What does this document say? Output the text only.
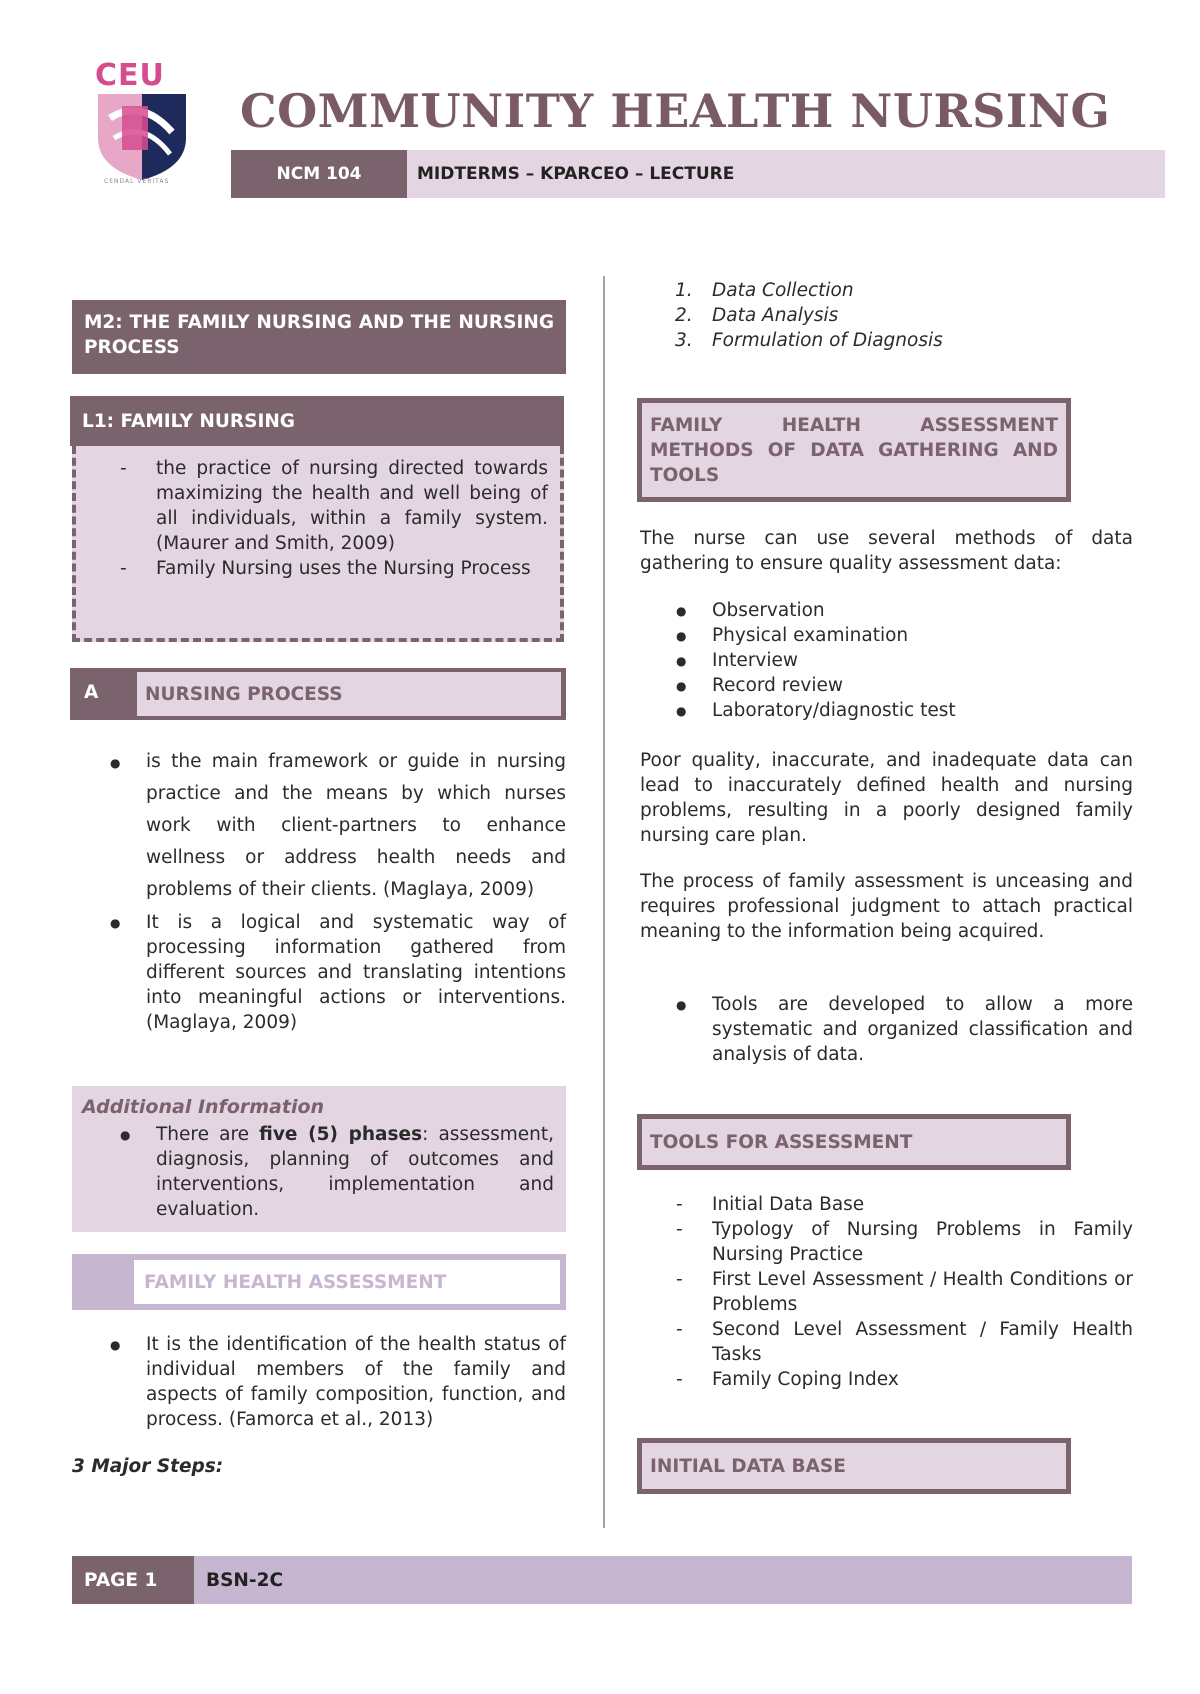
CEU
1907
CENDAL VERITAS
COMMUNITY HEALTH NURSING
NCM 104	MIDTERMS – KPARCEO – LECTURE
M2: THE FAMILY NURSING AND THE NURSING PROCESS
L1: FAMILY NURSING
- the practice of nursing directed towards maximizing the health and well being of all individuals, within a family system. (Maurer and Smith, 2009)
- Family Nursing uses the Nursing Process
A	NURSING PROCESS
● is the main framework or guide in nursing practice and the means by which nurses work with client-partners to enhance wellness or address health needs and problems of their clients. (Maglaya, 2009)
● It is a logical and systematic way of processing information gathered from different sources and translating intentions into meaningful actions or interventions. (Maglaya, 2009)
Additional Information
● There are five (5) phases: assessment, diagnosis, planning of outcomes and interventions, implementation and evaluation.
FAMILY HEALTH ASSESSMENT
● It is the identification of the health status of individual members of the family and aspects of family composition, function, and process. (Famorca et al., 2013)
3 Major Steps:
1. Data Collection
2. Data Analysis
3. Formulation of Diagnosis
FAMILY HEALTH ASSESSMENT METHODS OF DATA GATHERING AND TOOLS
The nurse can use several methods of data gathering to ensure quality assessment data:
● Observation
● Physical examination
● Interview
● Record review
● Laboratory/diagnostic test
Poor quality, inaccurate, and inadequate data can lead to inaccurately defined health and nursing problems, resulting in a poorly designed family nursing care plan.
The process of family assessment is unceasing and requires professional judgment to attach practical meaning to the information being acquired.
● Tools are developed to allow a more systematic and organized classification and analysis of data.
TOOLS FOR ASSESSMENT
- Initial Data Base
- Typology of Nursing Problems in Family Nursing Practice
- First Level Assessment / Health Conditions or Problems
- Second Level Assessment / Family Health Tasks
- Family Coping Index
INITIAL DATA BASE
PAGE 1	BSN-2C
